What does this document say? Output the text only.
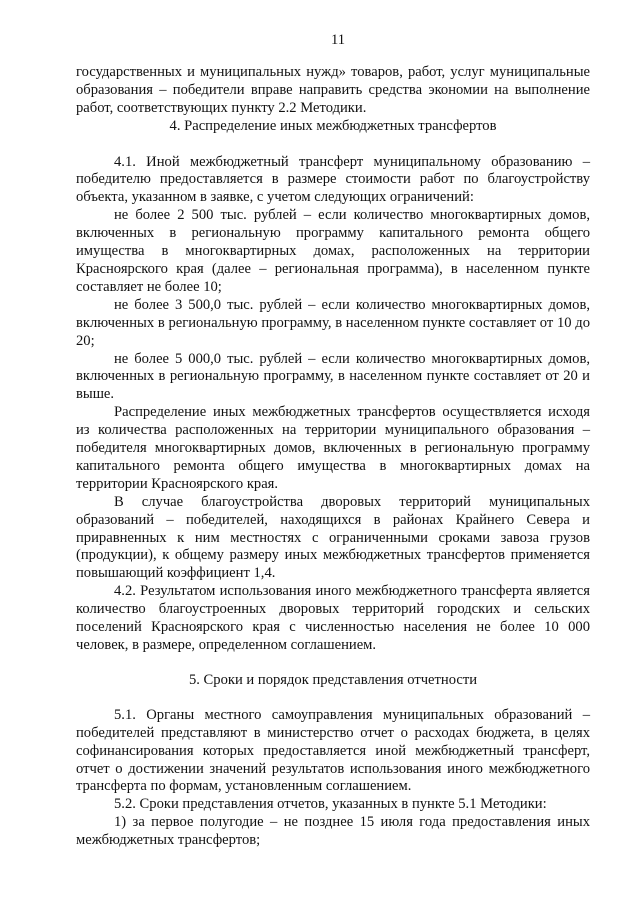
11

государственных и муниципальных нужд» товаров, работ, услуг муниципальные образования – победители вправе направить средства экономии на выполнение работ, соответствующих пункту 2.2 Методики.

4. Распределение иных межбюджетных трансфертов

4.1. Иной межбюджетный трансферт муниципальному образованию – победителю предоставляется в размере стоимости работ по благоустройству объекта, указанном в заявке, с учетом следующих ограничений:

не более 2 500 тыс. рублей – если количество многоквартирных домов, включенных в региональную программу капитального ремонта общего имущества в многоквартирных домах, расположенных на территории Красноярского края (далее – региональная программа), в населенном пункте составляет не более 10;

не более 3 500,0 тыс. рублей – если количество многоквартирных домов, включенных в региональную программу, в населенном пункте составляет от 10 до 20;

не более 5 000,0 тыс. рублей – если количество многоквартирных домов, включенных в региональную программу, в населенном пункте составляет от 20 и выше.

Распределение иных межбюджетных трансфертов осуществляется исходя из количества расположенных на территории муниципального образования – победителя многоквартирных домов, включенных в региональную программу капитального ремонта общего имущества в многоквартирных домах на территории Красноярского края.

В случае благоустройства дворовых территорий муниципальных образований – победителей, находящихся в районах Крайнего Севера и приравненных к ним местностях с ограниченными сроками завоза грузов (продукции), к общему размеру иных межбюджетных трансфертов применяется повышающий коэффициент 1,4.

4.2. Результатом использования иного межбюджетного трансферта является количество благоустроенных дворовых территорий городских и сельских поселений Красноярского края с численностью населения не более 10 000 человек, в размере, определенном соглашением.

5. Сроки и порядок представления отчетности

5.1. Органы местного самоуправления муниципальных образований – победителей представляют в министерство отчет о расходах бюджета, в целях софинансирования которых предоставляется иной межбюджетный трансферт, отчет о достижении значений результатов использования иного межбюджетного трансферта по формам, установленным соглашением.

5.2. Сроки представления отчетов, указанных в пункте 5.1 Методики:

1) за первое полугодие – не позднее 15 июля года предоставления иных межбюджетных трансфертов;
